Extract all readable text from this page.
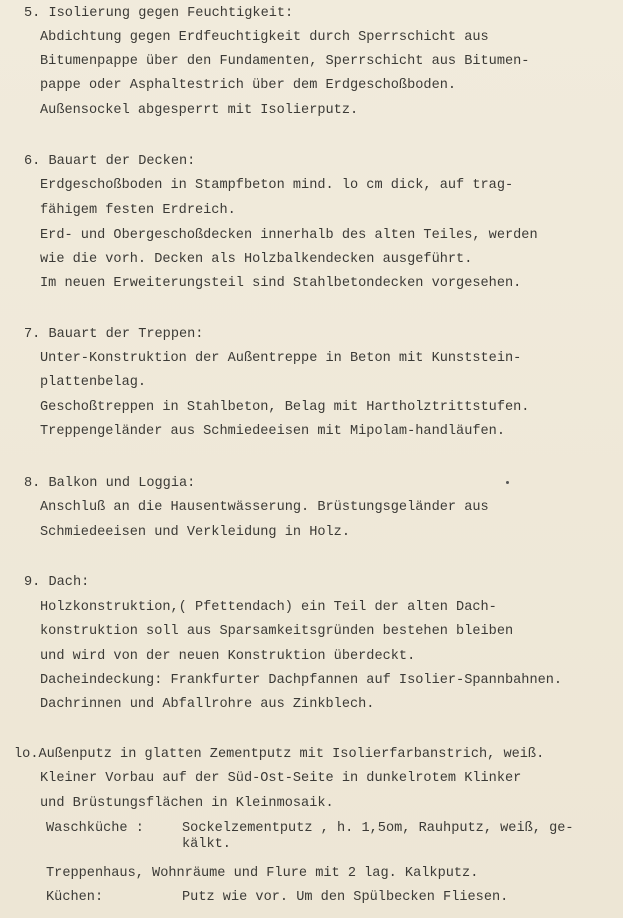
5. Isolierung gegen Feuchtigkeit:
Abdichtung gegen Erdfeuchtigkeit durch Sperrschicht aus
Bitumenpappe über den Fundamenten, Sperrschicht aus Bitumen-
pappe oder Asphaltestrich über dem Erdgeschoßboden.
Außensockel abgesperrt mit Isolierputz.
6. Bauart der Decken:
Erdgeschoßboden in Stampfbeton mind. lo cm dick, auf trag-
fähigem festen Erdreich.
Erd- und Obergeschoßdecken innerhalb des alten Teiles, werden
wie die vorh. Decken als Holzbalkendecken ausgeführt.
Im neuen Erweiterungsteil sind Stahlbetondecken vorgesehen.
7. Bauart der Treppen:
Unter-Konstruktion der Außentreppe in Beton mit Kunststein-
plattenbelag.
Geschoßtreppen in Stahlbeton, Belag mit Hartholztrittstufen.
Treppengeländer aus Schmiedeeisen mit Mipolam-handläufen.
8. Balkon und Loggia:
Anschluß an die Hausentwässerung. Brüstungsgeländer aus
Schmiedeeisen und Verkleidung in Holz.
9. Dach:
Holzkonstruktion,( Pfettendach) ein Teil der alten Dach-
konstruktion soll aus Sparsamkeitsgründen bestehen bleiben
und wird von der neuen Konstruktion überdeckt.
Dacheindeckung: Frankfurter Dachpfannen auf Isolier-Spannbahnen.
Dachrinnen und Abfallrohre aus Zinkblech.
lo.Außenputz in glatten Zementputz mit Isolierfarbanstrich, weiß.
Kleiner Vorbau auf der Süd-Ost-Seite in dunkelrotem Klinker
und Brüstungsflächen in Kleinmosaik.
Waschküche :	Sockelzementputz , h. 1,5om, Rauhputz, weiß, ge-
kälkt.
Treppenhaus, Wohnräume und Flure mit 2 lag. Kalkputz.
Küchen:	Putz wie vor. Um den Spülbecken Fliesen.
